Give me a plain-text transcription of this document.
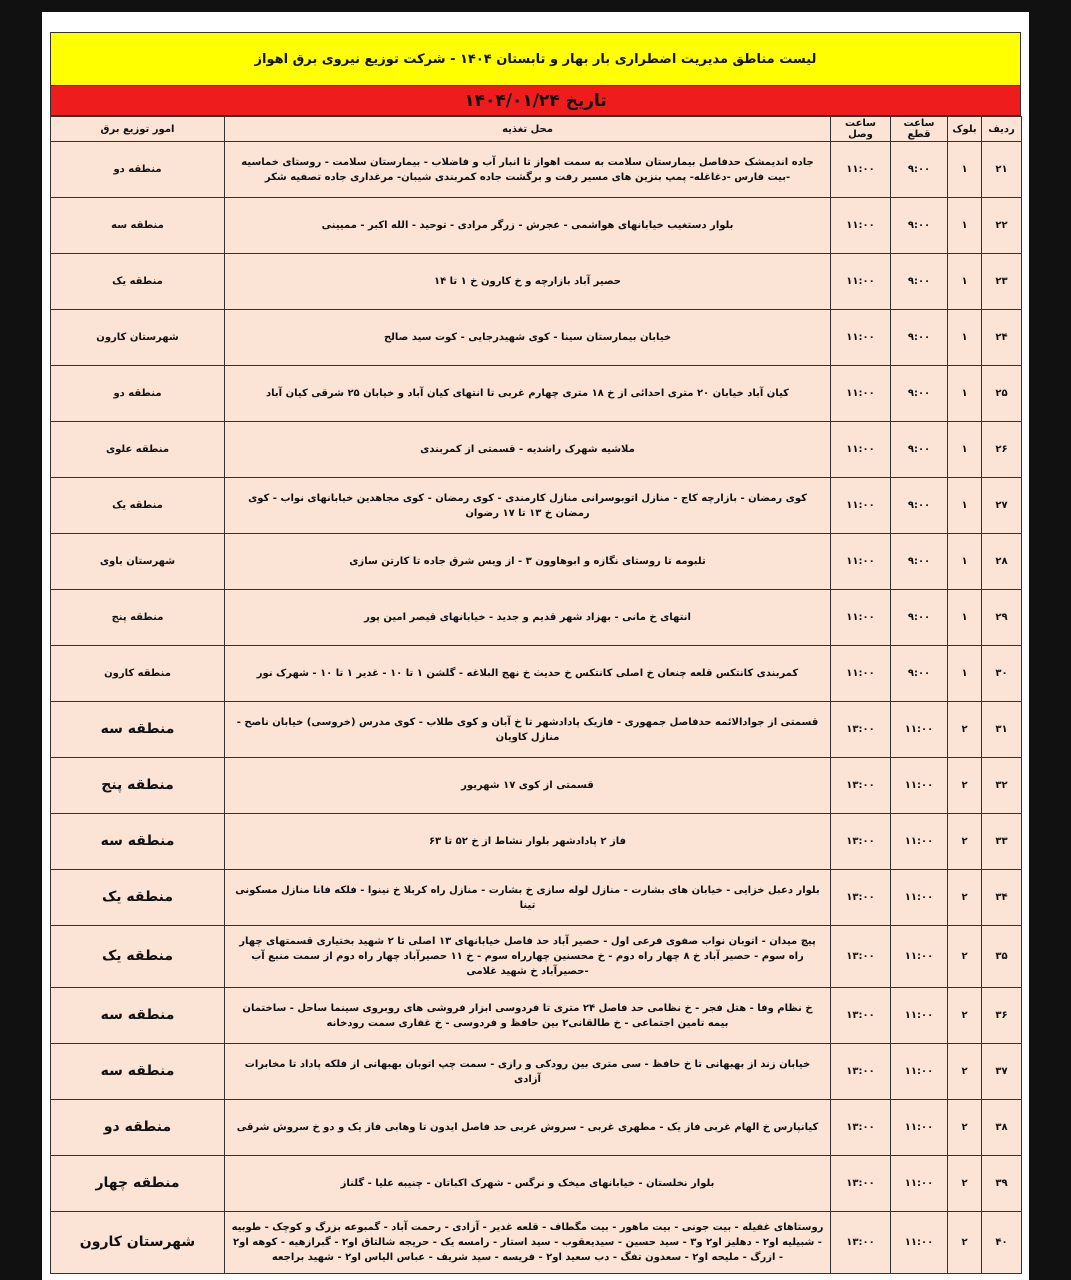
لیست مناطق مدیریت اضطراری بار بهار و تابستان ۱۴۰۴ - شرکت توزیع نیروی برق اهواز
تاریخ ۱۴۰۴/۰۱/۲۴
ردیف	بلوک	ساعت قطع	ساعت وصل	محل تغذیه	امور توزیع برق
۲۱	۱	۹:۰۰	۱۱:۰۰	جاده اندیمشک حدفاصل بیمارستان سلامت به سمت اهواز تا انبار آب و فاضلاب - بیمارستان سلامت - روستای خماسیه -بیت فارس -دغاغله- پمپ بنزین های مسیر رفت و برگشت جاده کمربندی شیبان- مرغداری جاده تصفیه شکر	منطقه دو
۲۲	۱	۹:۰۰	۱۱:۰۰	بلوار دستغیب خیابانهای هواشمی - عجرش - زرگر مرادی - توحید - الله اکبر - ممیینی	منطقه سه
۲۳	۱	۹:۰۰	۱۱:۰۰	حصیر آباد بازارچه و خ کارون خ ۱ تا ۱۴	منطقه یک
۲۴	۱	۹:۰۰	۱۱:۰۰	خیابان بیمارستان سینا - کوی شهیدرجایی - کوت سید صالح	شهرستان کارون
۲۵	۱	۹:۰۰	۱۱:۰۰	کیان آباد خیابان ۲۰ متری احدائی از خ ۱۸ متری چهارم غربی تا انتهای کیان آباد و خیابان ۲۵ شرقی کیان آباد	منطقه دو
۲۶	۱	۹:۰۰	۱۱:۰۰	ملاشیه شهرک راشدیه - قسمتی از کمربندی	منطقه علوی
۲۷	۱	۹:۰۰	۱۱:۰۰	کوی رمضان - بازارچه کاج - منازل اتوبوسرانی منازل کارمندی - کوی رمضان - کوی مجاهدین خیابانهای نواب - کوی رمضان خ ۱۳ تا ۱۷ رضوان	منطقه یک
۲۸	۱	۹:۰۰	۱۱:۰۰	تلبومه تا روستای نگازه و ابوهاوون ۳ - از ویس شرق جاده تا کارتن سازی	شهرستان باوی
۲۹	۱	۹:۰۰	۱۱:۰۰	انتهای خ مانی - بهزاد شهر قدیم و جدید - خیابانهای قیصر امین پور	منطقه پنج
۳۰	۱	۹:۰۰	۱۱:۰۰	کمربندی کانتکس قلعه چنعان خ اصلی کانتکس خ حدیث خ نهج البلاغه - گلشن ۱ تا ۱۰ - غدیر ۱ تا ۱۰ - شهرک نور	منطقه کارون
۳۱	۲	۱۱:۰۰	۱۳:۰۰	قسمتی از جوادالائمه حدفاصل جمهوری - فازیک پادادشهر تا خ آبان و کوی طلاب - کوی مدرس (خروسی) خیابان ناصح - منازل کاویان	منطقه سه
۳۲	۲	۱۱:۰۰	۱۳:۰۰	قسمتی از کوی ۱۷ شهریور	منطقه پنج
۳۳	۲	۱۱:۰۰	۱۳:۰۰	فاز ۲ پادادشهر بلوار نشاط از خ ۵۲ تا ۶۳	منطقه سه
۳۴	۲	۱۱:۰۰	۱۳:۰۰	بلوار دعبل خزایی - خیابان های بشارت - منازل لوله سازی خ بشارت - منازل راه کربلا خ نینوا - فلکه فانا منازل مسکونی تینا	منطقه یک
۳۵	۲	۱۱:۰۰	۱۳:۰۰	پیچ میدان - اتوبان نواب صفوی فرعی اول - حصیر آباد حد فاصل خیابانهای ۱۳ اصلی تا ۲ شهید بختیاری قسمتهای چهار راه سوم - حصیر آباد خ ۸ چهار راه دوم - خ محسنین چهارراه سوم - خ ۱۱ حصیرآباد چهار راه دوم از سمت منبع آب -حصیرآباد خ شهید غلامی	منطقه یک
۳۶	۲	۱۱:۰۰	۱۳:۰۰	خ نظام وفا - هتل فجر - خ نظامی حد فاصل ۲۴ متری تا فردوسی ابزار فروشی های روبروی سینما ساحل - ساختمان بیمه تامین اجتماعی - خ طالقانی۲ بین حافظ و فردوسی - خ غفاری سمت رودخانه	منطقه سه
۳۷	۲	۱۱:۰۰	۱۳:۰۰	خیابان زند از بهبهانی تا خ حافظ - سی متری بین رودکی و رازی - سمت چپ اتوبان بهبهانی از فلکه پاداد تا مخابرات آزادی	منطقه سه
۳۸	۲	۱۱:۰۰	۱۳:۰۰	کیانپارس خ الهام غربی فاز یک - مطهری غربی - سروش غربی حد فاصل ایدون تا وهابی فاز یک و دو خ سروش شرقی	منطقه دو
۳۹	۲	۱۱:۰۰	۱۳:۰۰	بلوار نخلستان - خیابانهای میخک و نرگس - شهرک اکباتان - چنیبه علیا - گلناز	منطقه چهار
۴۰	۲	۱۱:۰۰	۱۳:۰۰	روستاهای غفیله - بیت جونی - بیت ماهور - بیت مگطاف - قلعه غدیر - آزادی - رحمت آباد - گمبوعه بزرگ و کوچک - طوبیه - شبیلیه او۲ - دهلیز او۲ و۳ - سید حسین - سیدیعقوب - سید استار - رامسه یک - حریجه شالتاق او۲ - گبرازهیه - کوهه او۲ - ازرگ - ملیحه او۲ - سعدون تفگ - دب سعید او۲ - فریسه - سید شریف - عباس الیاس او۲ - شهید براجعه	شهرستان کارون
